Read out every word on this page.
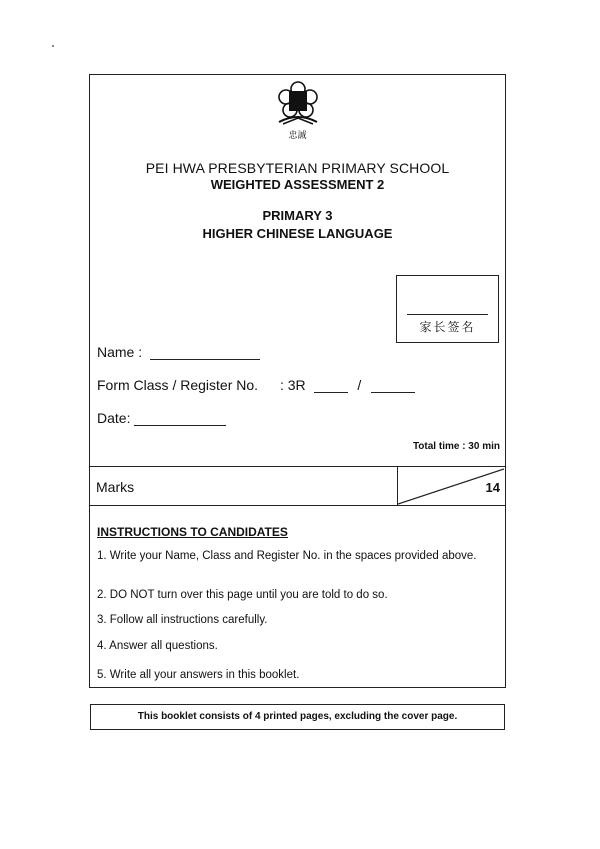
忠誠
PEI HWA PRESBYTERIAN PRIMARY SCHOOL
WEIGHTED ASSESSMENT 2
PRIMARY 3
HIGHER CHINESE LANGUAGE
家长签名
Name :
Form Class / Register No. : 3R	/
Date:
Total time : 30 min
Marks	14
INSTRUCTIONS TO CANDIDATES
1. Write your Name, Class and Register No. in the spaces provided above.
2. DO NOT turn over this page until you are told to do so.
3. Follow all instructions carefully.
4. Answer all questions.
5. Write all your answers in this booklet.
This booklet consists of 4 printed pages, excluding the cover page.
